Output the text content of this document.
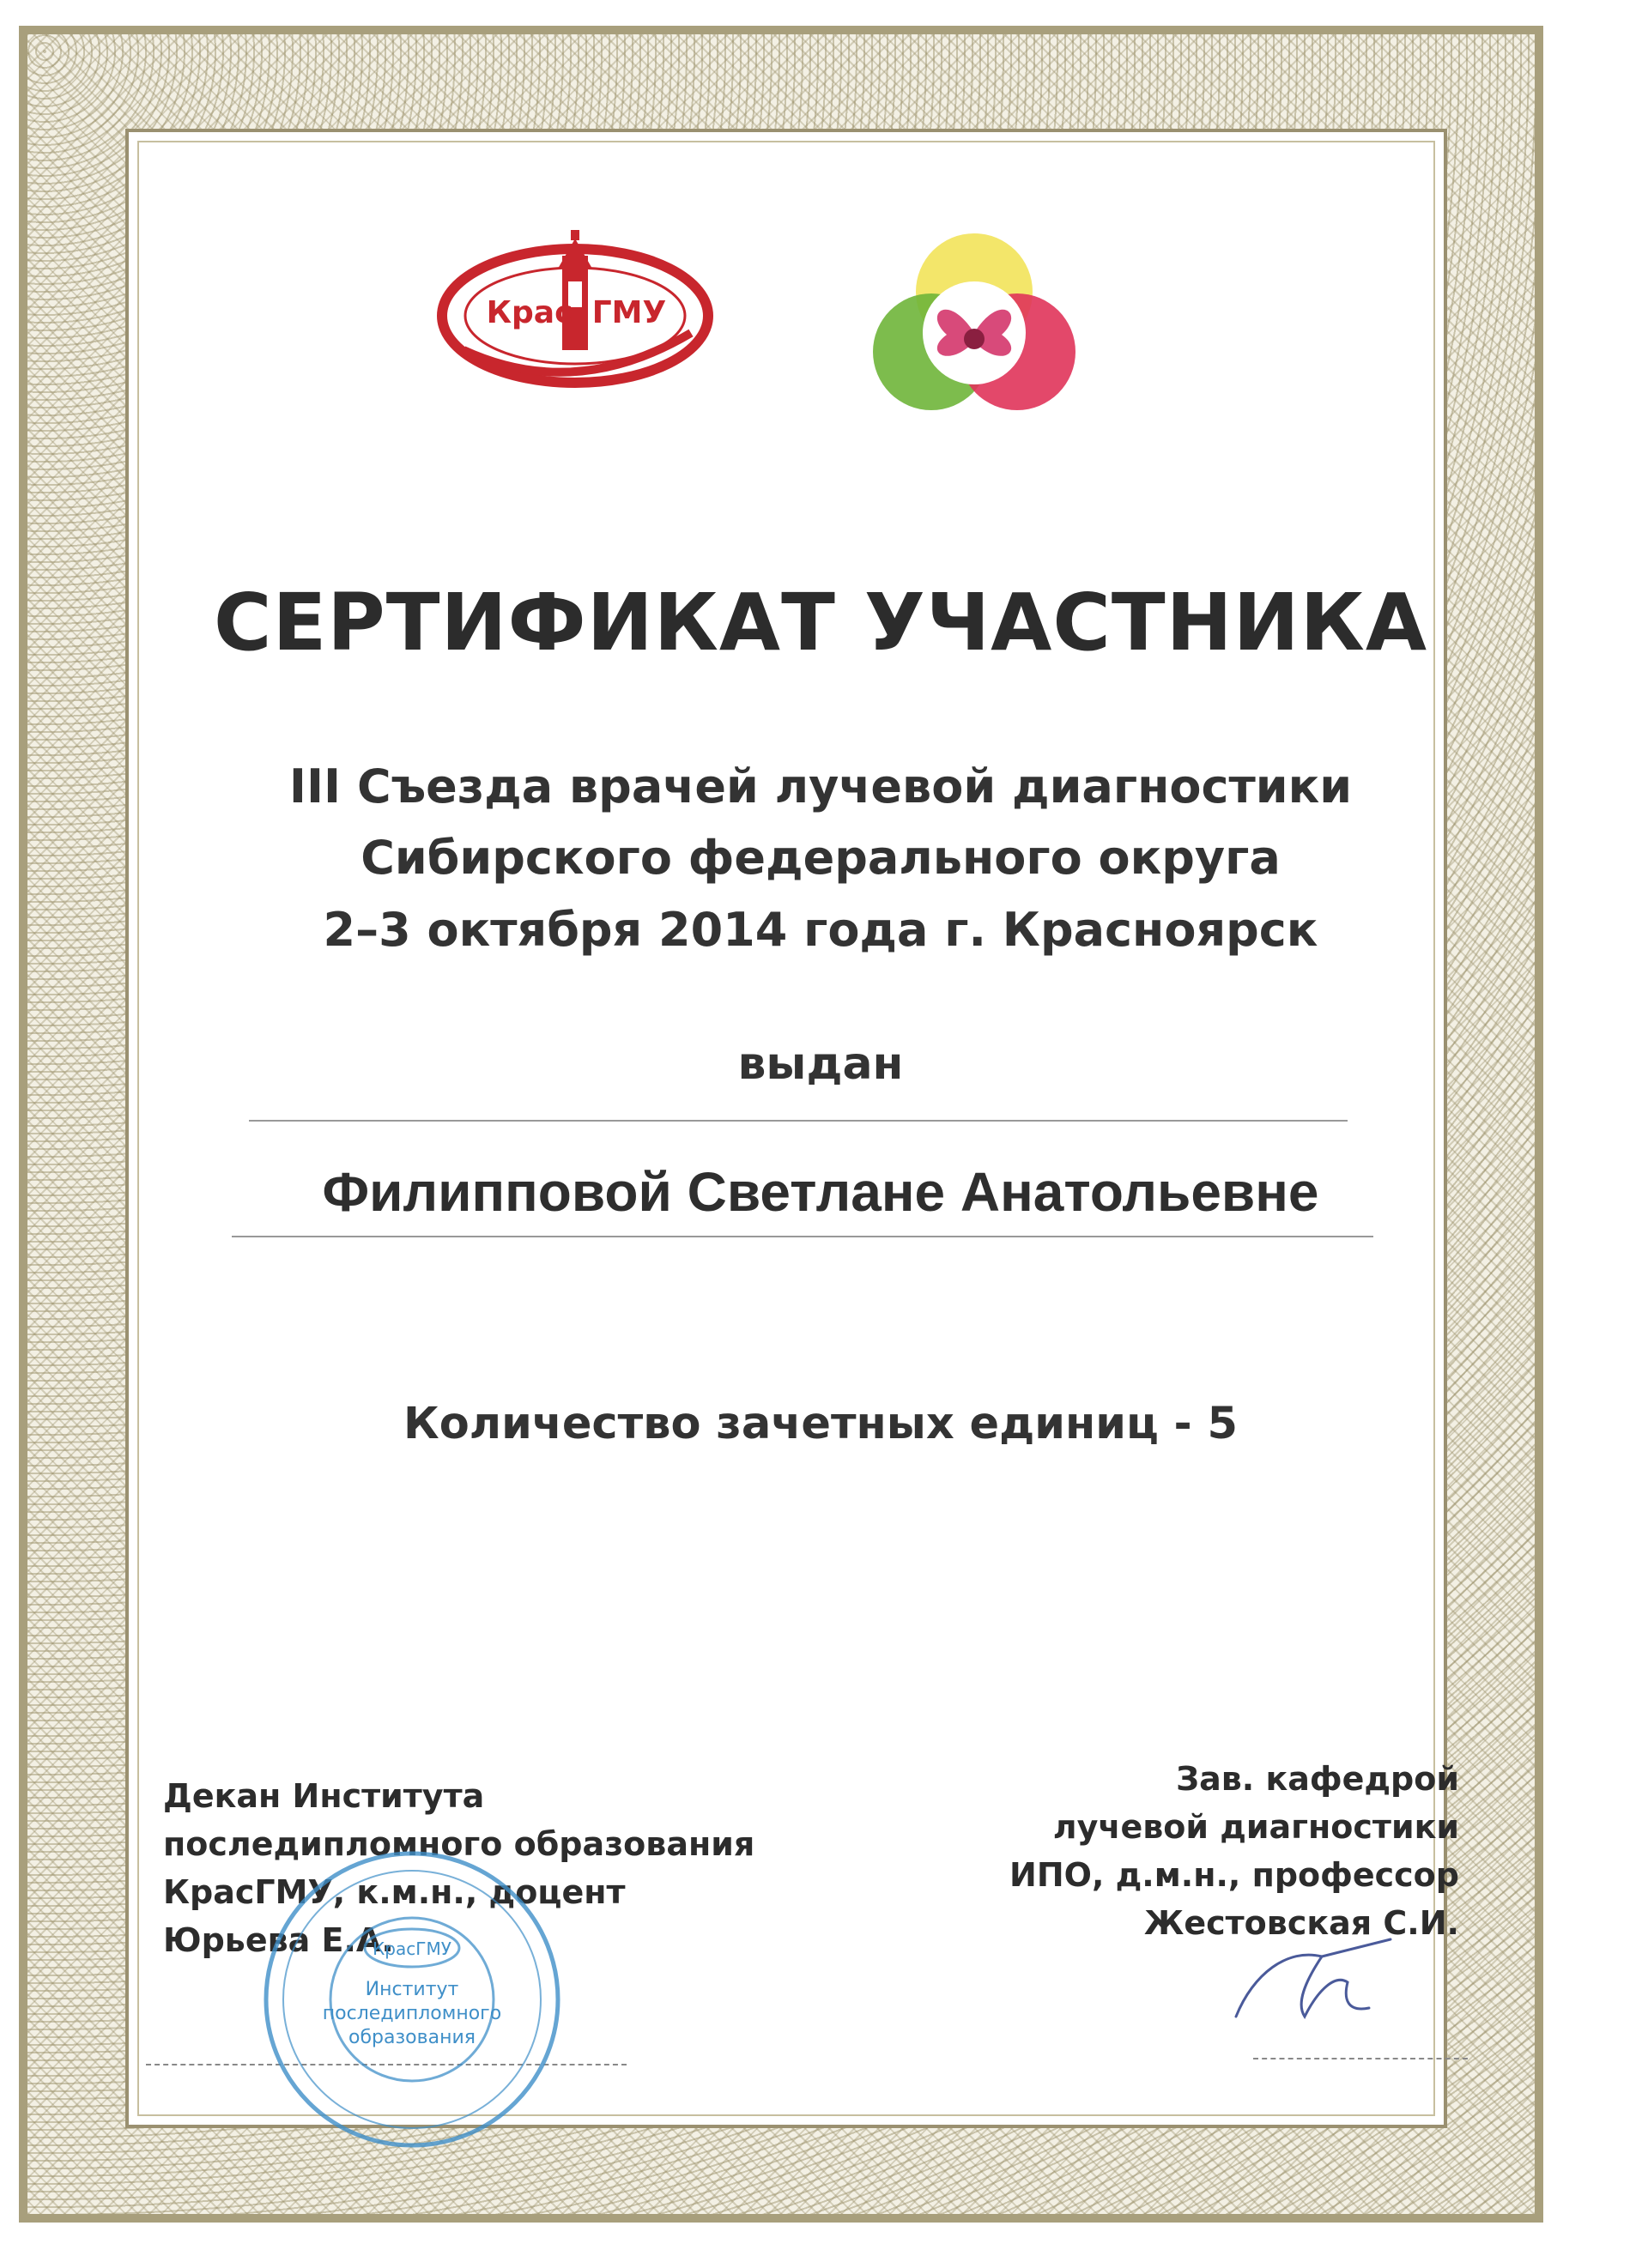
Крас ГМУ
СЕРТИФИКАТ УЧАСТНИКА
III Съезда врачей лучевой диагностики
Сибирского федерального округа
2–3 октября 2014 года г. Красноярск
выдан
Филипповой Светлане Анатольевне
Количество зачетных единиц - 5
Декан Института
последипломного образования
КрасГМУ, к.м.н., доцент
Юрьева Е.А.
Зав. кафедрой
лучевой диагностики
ИПО, д.м.н., профессор
Жестовская С.И.
КрасГМУ
Институт
последипломного
образования
